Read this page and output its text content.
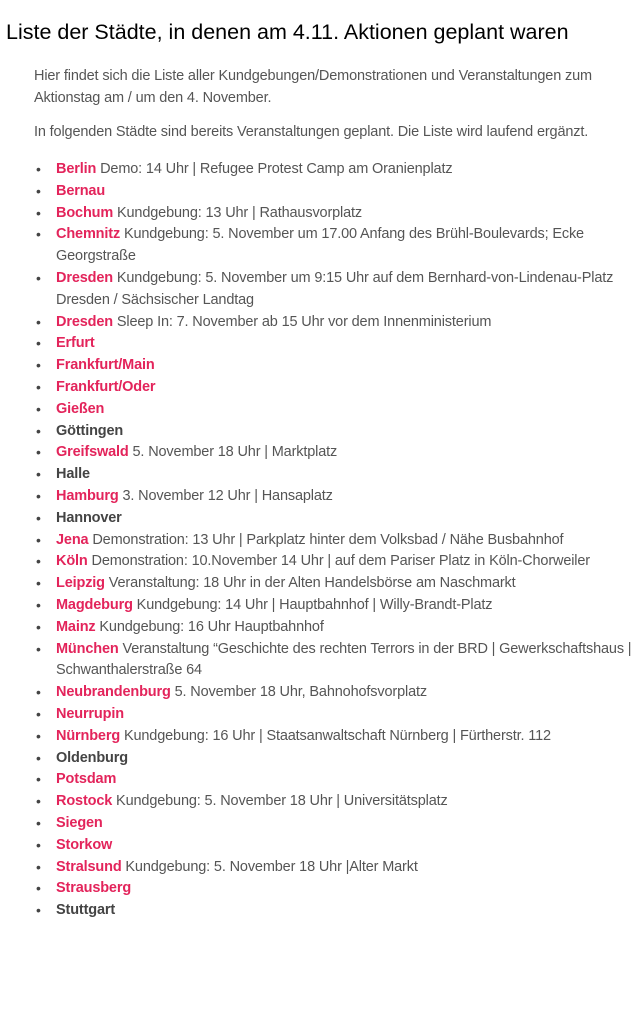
Liste der Städte, in denen am 4.11. Aktionen geplant waren

Hier findet sich die Liste aller Kundgebungen/Demonstrationen und Veranstaltungen zum Aktionstag am / um den 4. November.

In folgenden Städte sind bereits Veranstaltungen geplant. Die Liste wird laufend ergänzt.

• Berlin Demo: 14 Uhr | Refugee Protest Camp am Oranienplatz
• Bernau
• Bochum Kundgebung: 13 Uhr | Rathausvorplatz
• Chemnitz Kundgebung: 5. November um 17.00 Anfang des Brühl-Boulevards; Ecke Georgstraße
• Dresden Kundgebung: 5. November um 9:15 Uhr auf dem Bernhard-von-Lindenau-Platz Dresden / Sächsischer Landtag
• Dresden Sleep In: 7. November ab 15 Uhr vor dem Innenministerium
• Erfurt
• Frankfurt/Main
• Frankfurt/Oder
• Gießen
• Göttingen
• Greifswald 5. November 18 Uhr | Marktplatz
• Halle
• Hamburg 3. November 12 Uhr | Hansaplatz
• Hannover
• Jena Demonstration: 13 Uhr | Parkplatz hinter dem Volksbad / Nähe Busbahnhof
• Köln Demonstration: 10.November 14 Uhr | auf dem Pariser Platz in Köln-Chorweiler
• Leipzig Veranstaltung: 18 Uhr in der Alten Handelsbörse am Naschmarkt
• Magdeburg Kundgebung: 14 Uhr | Hauptbahnhof | Willy-Brandt-Platz
• Mainz Kundgebung: 16 Uhr Hauptbahnhof
• München Veranstaltung “Geschichte des rechten Terrors in der BRD | Gewerkschaftshaus | Schwanthalerstraße 64
• Neubrandenburg 5. November 18 Uhr, Bahnohofsvorplatz
• Neurrupin
• Nürnberg Kundgebung: 16 Uhr | Staatsanwaltschaft Nürnberg | Fürtherstr. 112
• Oldenburg
• Potsdam
• Rostock Kundgebung: 5. November 18 Uhr | Universitätsplatz
• Siegen
• Storkow
• Stralsund Kundgebung: 5. November 18 Uhr |Alter Markt
• Strausberg
• Stuttgart
